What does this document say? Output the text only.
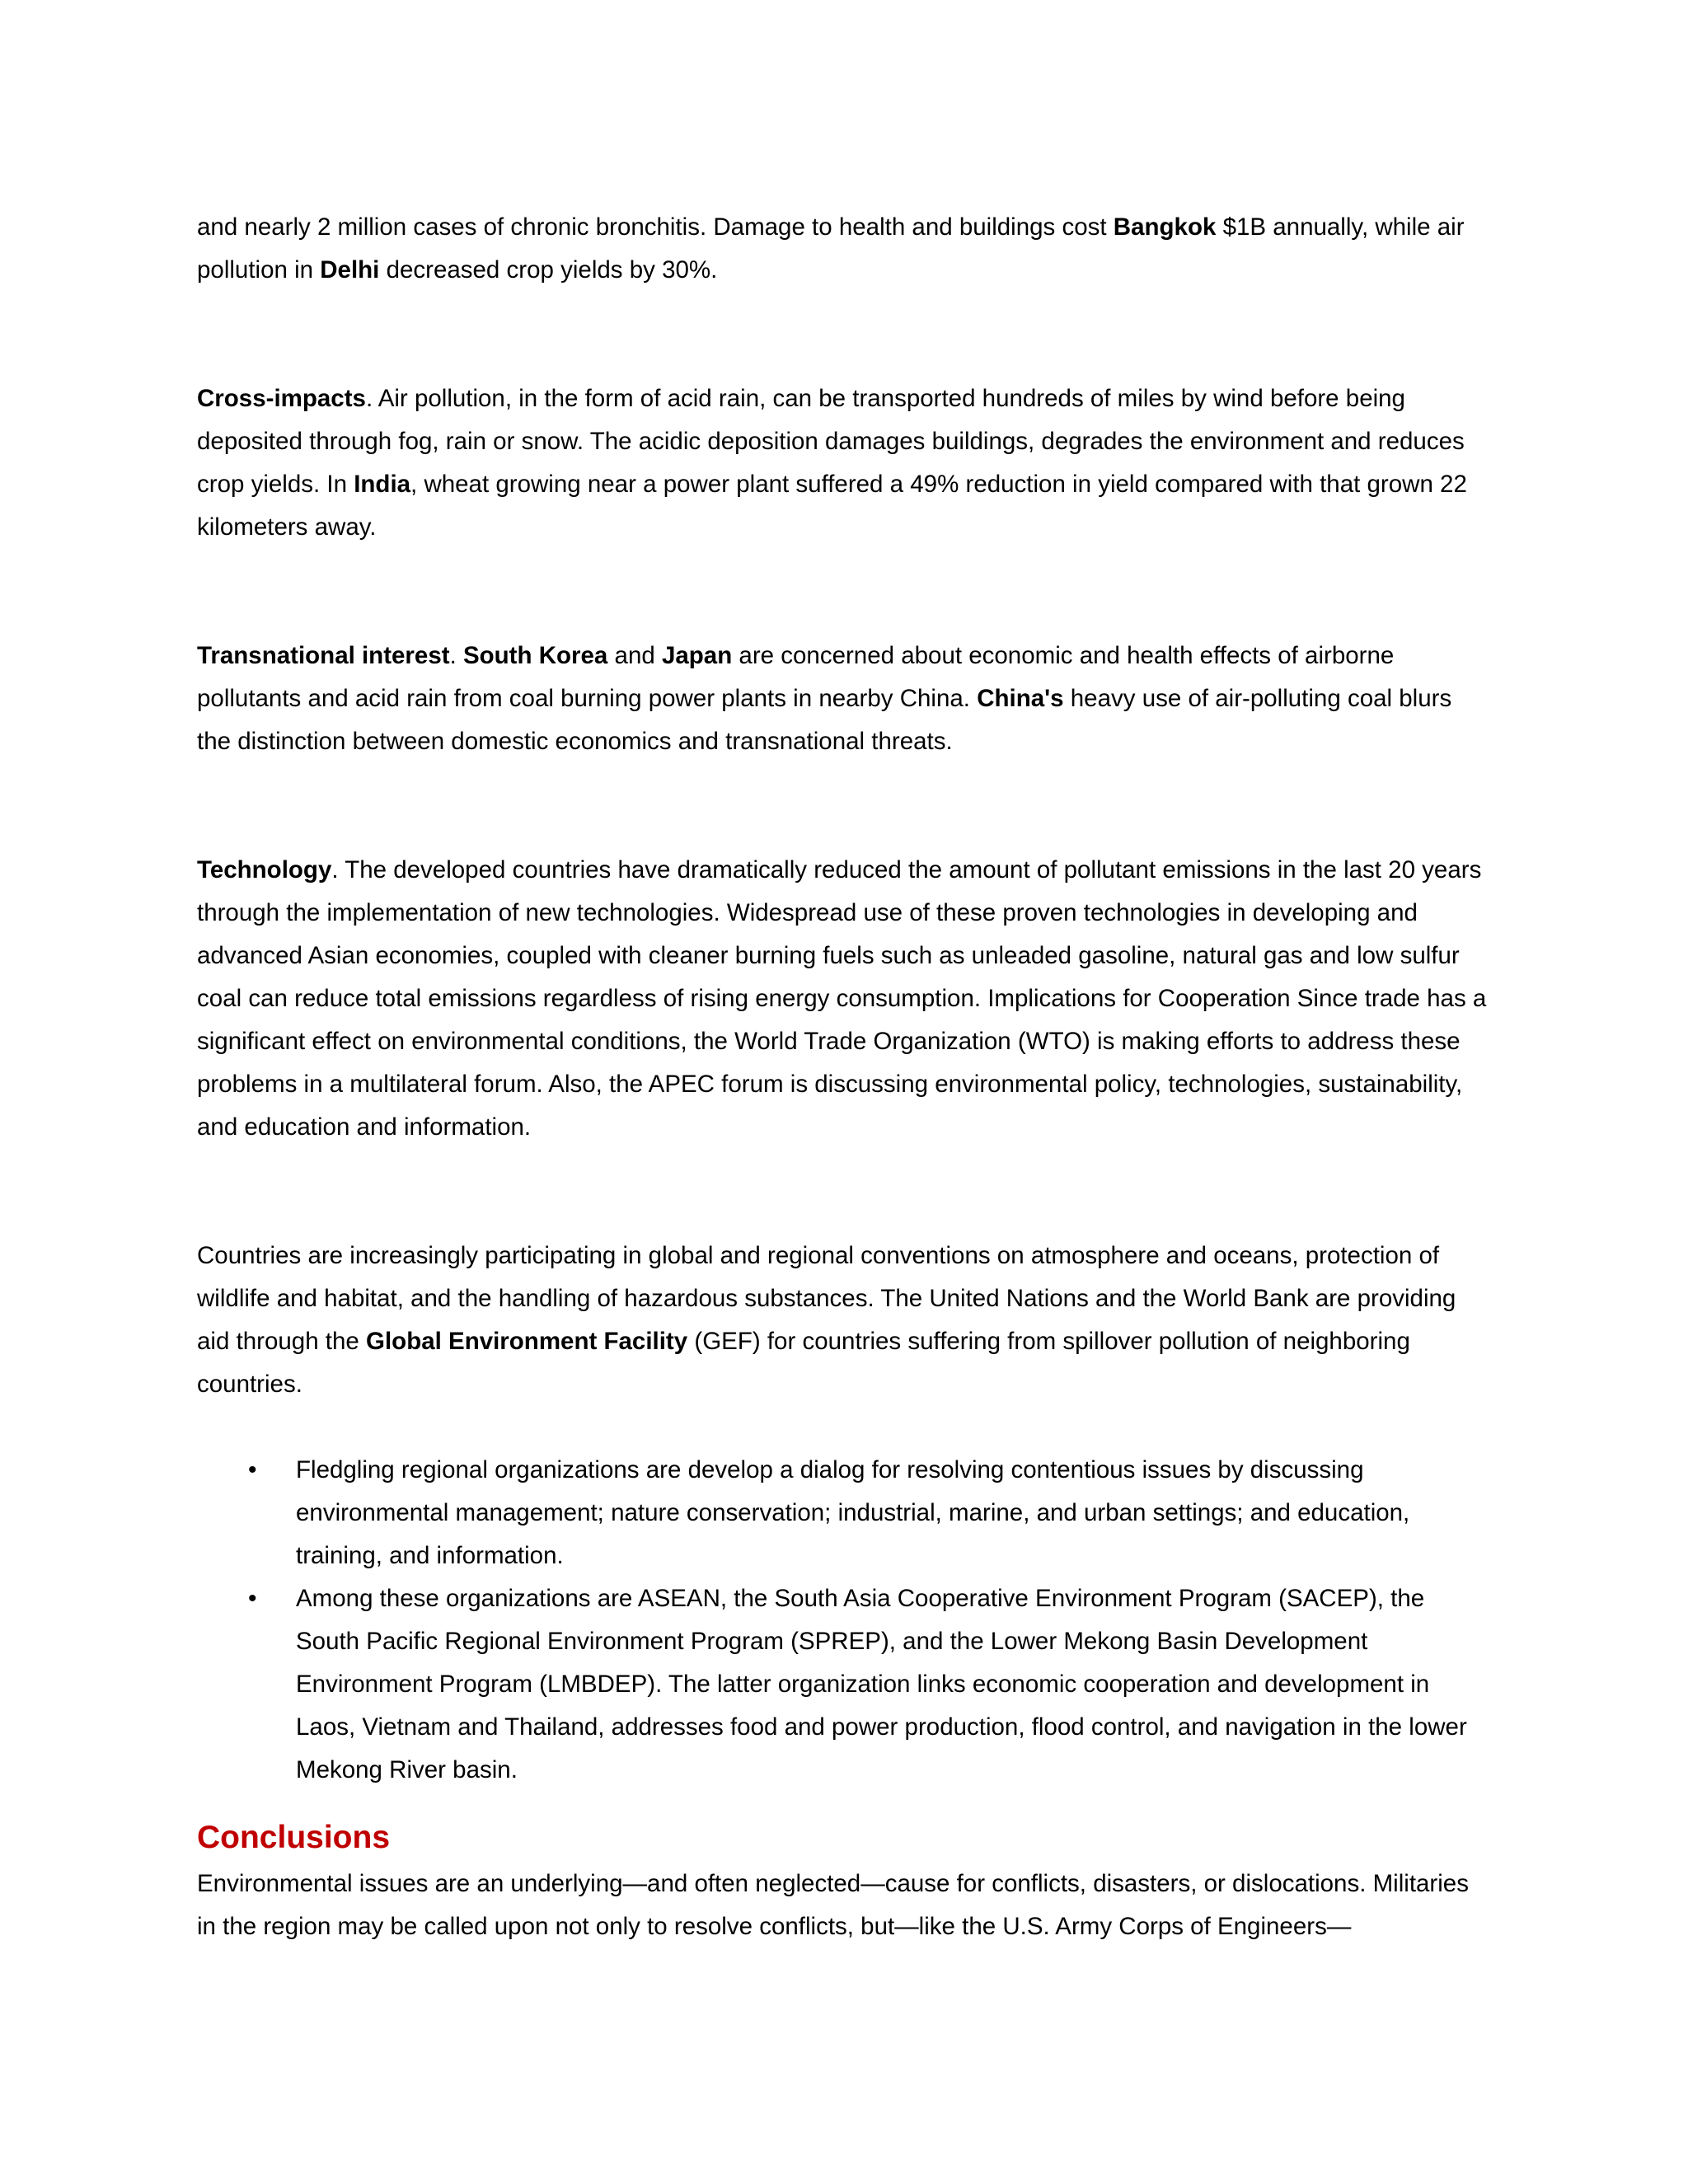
and nearly 2 million cases of chronic bronchitis. Damage to health and buildings cost Bangkok $1B annually, while air pollution in Delhi decreased crop yields by 30%.

Cross-impacts. Air pollution, in the form of acid rain, can be transported hundreds of miles by wind before being deposited through fog, rain or snow. The acidic deposition damages buildings, degrades the environment and reduces crop yields. In India, wheat growing near a power plant suffered a 49% reduction in yield compared with that grown 22 kilometers away.

Transnational interest. South Korea and Japan are concerned about economic and health effects of airborne pollutants and acid rain from coal burning power plants in nearby China. China's heavy use of air-polluting coal blurs the distinction between domestic economics and transnational threats.

Technology. The developed countries have dramatically reduced the amount of pollutant emissions in the last 20 years through the implementation of new technologies. Widespread use of these proven technologies in developing and advanced Asian economies, coupled with cleaner burning fuels such as unleaded gasoline, natural gas and low sulfur coal can reduce total emissions regardless of rising energy consumption. Implications for Cooperation Since trade has a significant effect on environmental conditions, the World Trade Organization (WTO) is making efforts to address these problems in a multilateral forum. Also, the APEC forum is discussing environmental policy, technologies, sustainability, and education and information.

Countries are increasingly participating in global and regional conventions on atmosphere and oceans, protection of wildlife and habitat, and the handling of hazardous substances. The United Nations and the World Bank are providing aid through the Global Environment Facility (GEF) for countries suffering from spillover pollution of neighboring countries.

• Fledgling regional organizations are develop a dialog for resolving contentious issues by discussing environmental management; nature conservation; industrial, marine, and urban settings; and education, training, and information.
• Among these organizations are ASEAN, the South Asia Cooperative Environment Program (SACEP), the South Pacific Regional Environment Program (SPREP), and the Lower Mekong Basin Development Environment Program (LMBDEP). The latter organization links economic cooperation and development in Laos, Vietnam and Thailand, addresses food and power production, flood control, and navigation in the lower Mekong River basin.
Conclusions

Environmental issues are an underlying—and often neglected—cause for conflicts, disasters, or dislocations. Militaries in the region may be called upon not only to resolve conflicts, but—like the U.S. Army Corps of Engineers—
